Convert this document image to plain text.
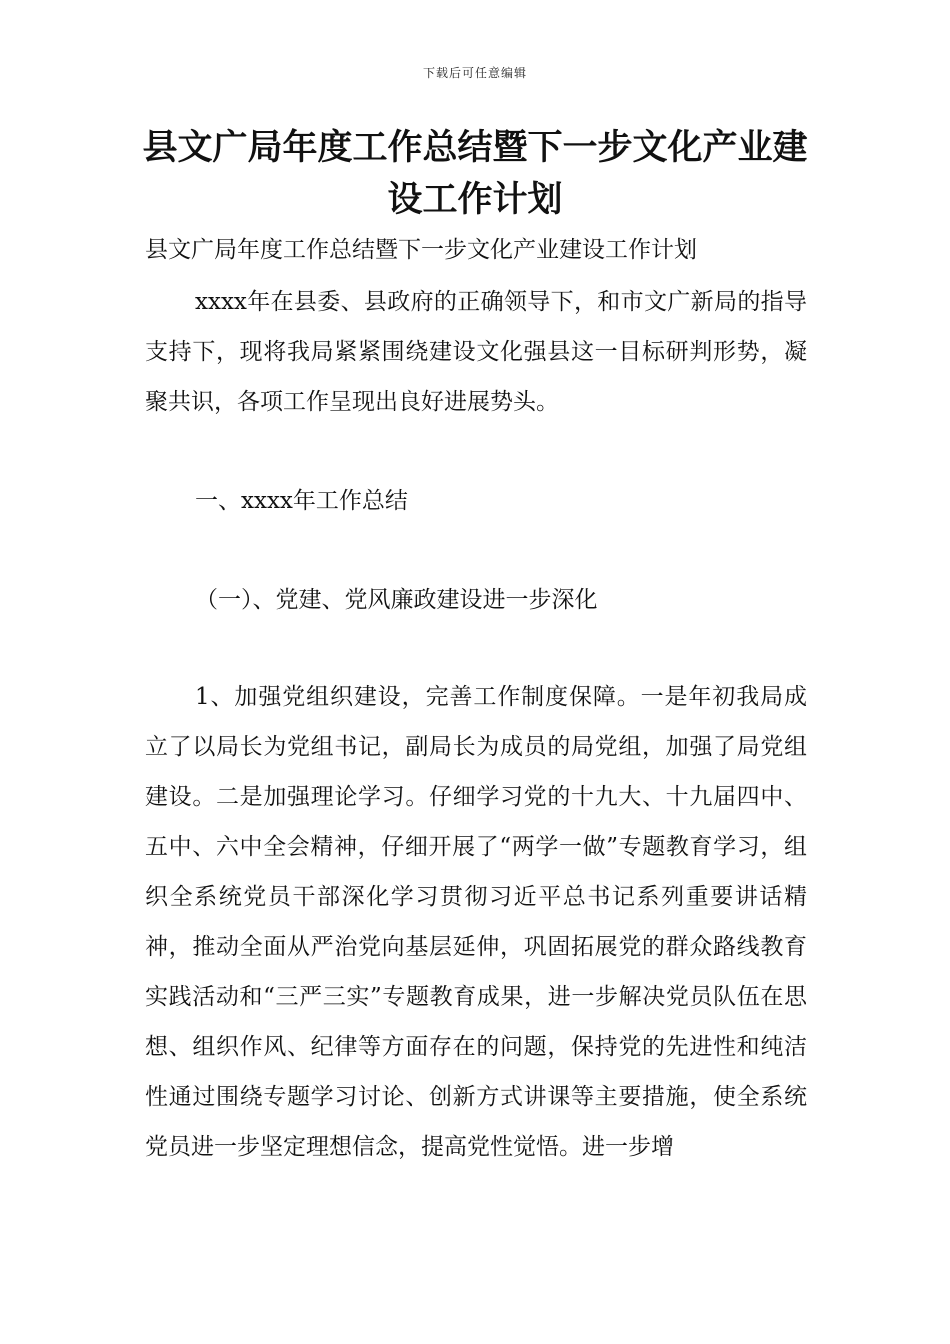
下载后可任意编辑
县文广局年度工作总结暨下一步文化产业建设工作计划
县文广局年度工作总结暨下一步文化产业建设工作计划

xxxx年在县委、县政府的正确领导下，和市文广新局的指导支持下，现将我局紧紧围绕建设文化强县这一目标研判形势，凝聚共识，各项工作呈现出良好进展势头。

一、xxxx年工作总结
（一）、党建、党风廉政建设进一步深化

1、加强党组织建设，完善工作制度保障。一是年初我局成立了以局长为党组书记，副局长为成员的局党组，加强了局党组建设。二是加强理论学习。仔细学习党的十九大、十九届四中、五中、六中全会精神，仔细开展了“两学一做”专题教育学习，组织全系统党员干部深化学习贯彻习近平总书记系列重要讲话精神，推动全面从严治党向基层延伸，巩固拓展党的群众路线教育实践活动和“三严三实”专题教育成果，进一步解决党员队伍在思想、组织作风、纪律等方面存在的问题，保持党的先进性和纯洁性通过围绕专题学习讨论、创新方式讲课等主要措施，使全系统党员进一步坚定理想信念，提高党性觉悟。进一步增
